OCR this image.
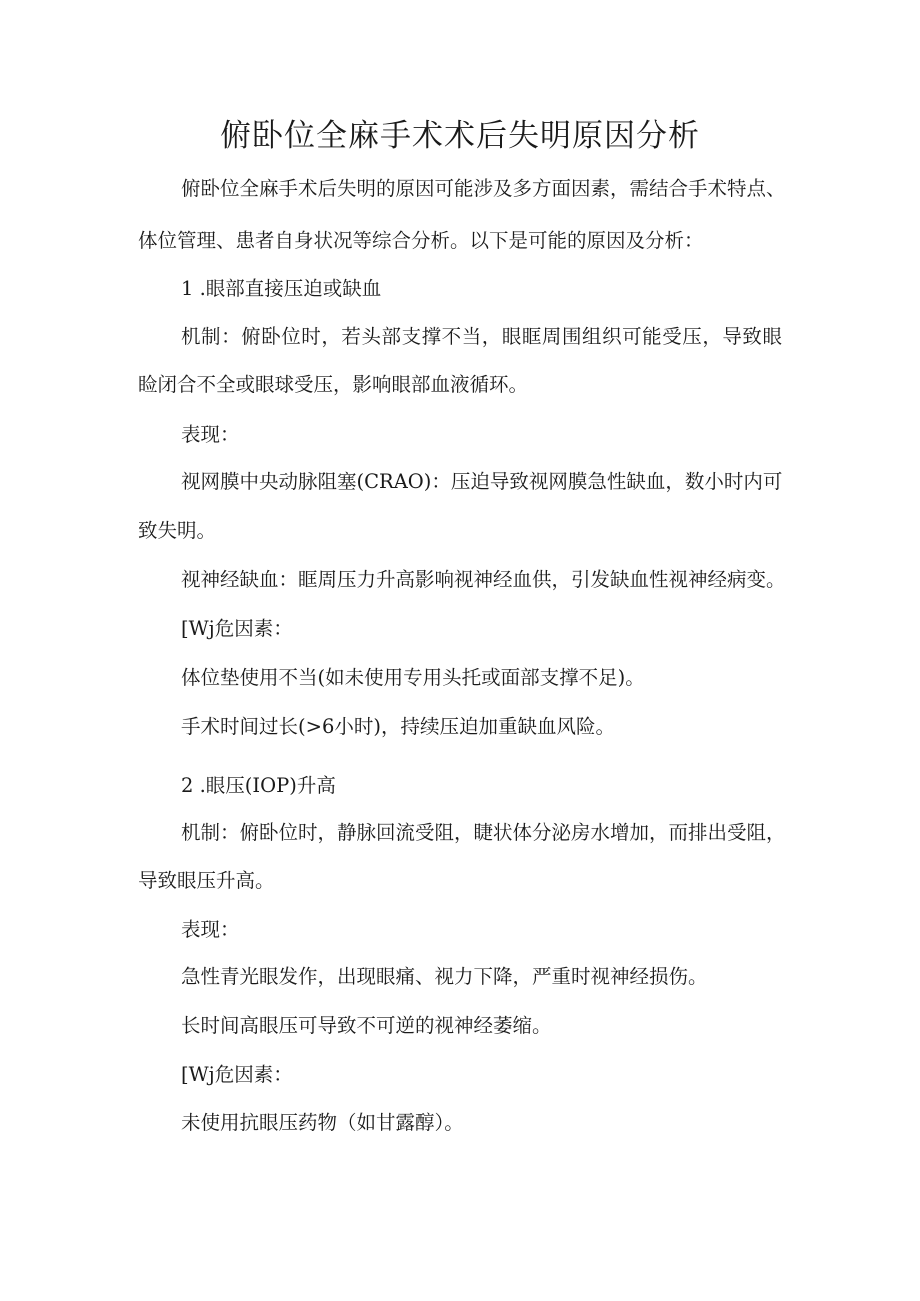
俯卧位全麻手术术后失明原因分析

俯卧位全麻手术后失明的原因可能涉及多方面因素，需结合手术特点、

体位管理、患者自身状况等综合分析。以下是可能的原因及分析：

1 .眼部直接压迫或缺血

机制：俯卧位时，若头部支撑不当，眼眶周围组织可能受压，导致眼

睑闭合不全或眼球受压，影响眼部血液循环。

表现：

视网膜中央动脉阻塞(CRAO)：压迫导致视网膜急性缺血，数小时内可

致失明。

视神经缺血：眶周压力升高影响视神经血供，引发缺血性视神经病变。

[Wj危因素：

体位垫使用不当(如未使用专用头托或面部支撑不足)。

手术时间过长(>6小时)，持续压迫加重缺血风险。

2 .眼压(IOP)升高

机制：俯卧位时，静脉回流受阻，睫状体分泌房水增加，而排出受阻，

导致眼压升高。

表现：

急性青光眼发作，出现眼痛、视力下降，严重时视神经损伤。

长时间高眼压可导致不可逆的视神经萎缩。

[Wj危因素：

未使用抗眼压药物（如甘露醇）。
